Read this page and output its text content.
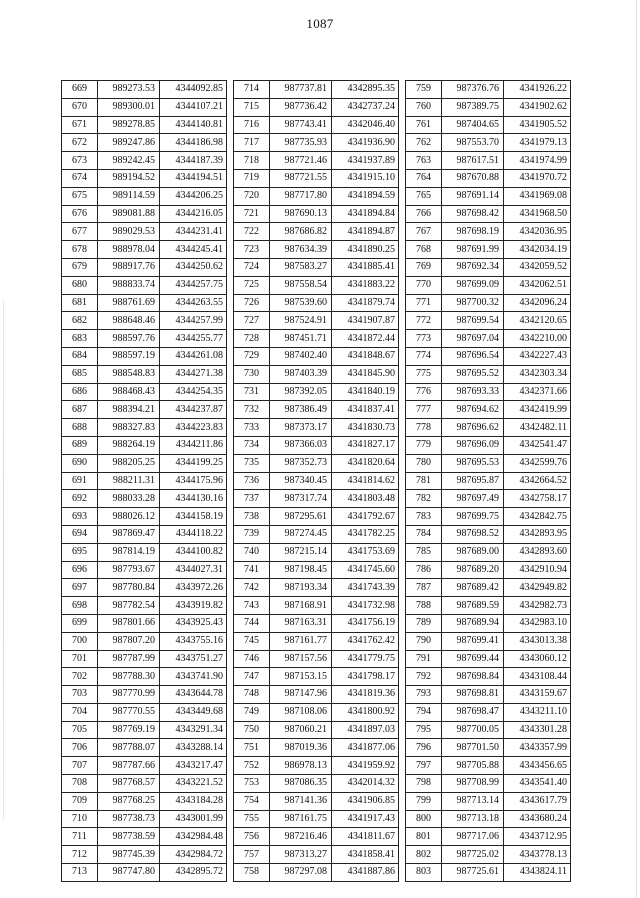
1087
669	989273.53	4344092.85
670	989300.01	4344107.21
671	989278.85	4344140.81
672	989247.86	4344186.98
673	989242.45	4344187.39
674	989194.52	4344194.51
675	989114.59	4344206.25
676	989081.88	4344216.05
677	989029.53	4344231.41
678	988978.04	4344245.41
679	988917.76	4344250.62
680	988833.74	4344257.75
681	988761.69	4344263.55
682	988648.46	4344257.99
683	988597.76	4344255.77
684	988597.19	4344261.08
685	988548.83	4344271.38
686	988468.43	4344254.35
687	988394.21	4344237.87
688	988327.83	4344223.83
689	988264.19	4344211.86
690	988205.25	4344199.25
691	988211.31	4344175.96
692	988033.28	4344130.16
693	988026.12	4344158.19
694	987869.47	4344118.22
695	987814.19	4344100.82
696	987793.67	4344027.31
697	987780.84	4343972.26
698	987782.54	4343919.82
699	987801.66	4343925.43
700	987807.20	4343755.16
701	987787.99	4343751.27
702	987788.30	4343741.90
703	987770.99	4343644.78
704	987770.55	4343449.68
705	987769.19	4343291.34
706	987788.07	4343288.14
707	987787.66	4343217.47
708	987768.57	4343221.52
709	987768.25	4343184.28
710	987738.73	4343001.99
711	987738.59	4342984.48
712	987745.39	4342984.72
713	987747.80	4342895.72
714	987737.81	4342895.35
715	987736.42	4342737.24
716	987743.41	4342046.40
717	987735.93	4341936.90
718	987721.46	4341937.89
719	987721.55	4341915.10
720	987717.80	4341894.59
721	987690.13	4341894.84
722	987686.82	4341894.87
723	987634.39	4341890.25
724	987583.27	4341885.41
725	987558.54	4341883.22
726	987539.60	4341879.74
727	987524.91	4341907.87
728	987451.71	4341872.44
729	987402.40	4341848.67
730	987403.39	4341845.90
731	987392.05	4341840.19
732	987386.49	4341837.41
733	987373.17	4341830.73
734	987366.03	4341827.17
735	987352.73	4341820.64
736	987340.45	4341814.62
737	987317.74	4341803.48
738	987295.61	4341792.67
739	987274.45	4341782.25
740	987215.14	4341753.69
741	987198.45	4341745.60
742	987193.34	4341743.39
743	987168.91	4341732.98
744	987163.31	4341756.19
745	987161.77	4341762.42
746	987157.56	4341779.75
747	987153.15	4341798.17
748	987147.96	4341819.36
749	987108.06	4341800.92
750	987060.21	4341897.03
751	987019.36	4341877.06
752	986978.13	4341959.92
753	987086.35	4342014.32
754	987141.36	4341906.85
755	987161.75	4341917.43
756	987216.46	4341811.67
757	987313.27	4341858.41
758	987297.08	4341887.86
759	987376.76	4341926.22
760	987389.75	4341902.62
761	987404.65	4341905.52
762	987553.70	4341979.13
763	987617.51	4341974.99
764	987670.88	4341970.72
765	987691.14	4341969.08
766	987698.42	4341968.50
767	987698.19	4342036.95
768	987691.99	4342034.19
769	987692.34	4342059.52
770	987699.09	4342062.51
771	987700.32	4342096.24
772	987699.54	4342120.65
773	987697.04	4342210.00
774	987696.54	4342227.43
775	987695.52	4342303.34
776	987693.33	4342371.66
777	987694.62	4342419.99
778	987696.62	4342482.11
779	987696.09	4342541.47
780	987695.53	4342599.76
781	987695.87	4342664.52
782	987697.49	4342758.17
783	987699.75	4342842.75
784	987698.52	4342893.95
785	987689.00	4342893.60
786	987689.20	4342910.94
787	987689.42	4342949.82
788	987689.59	4342982.73
789	987689.94	4342983.10
790	987699.41	4343013.38
791	987699.44	4343060.12
792	987698.84	4343108.44
793	987698.81	4343159.67
794	987698.47	4343211.10
795	987700.05	4343301.28
796	987701.50	4343357.99
797	987705.88	4343456.65
798	987708.99	4343541.40
799	987713.14	4343617.79
800	987713.18	4343680.24
801	987717.06	4343712.95
802	987725.02	4343778.13
803	987725.61	4343824.11
